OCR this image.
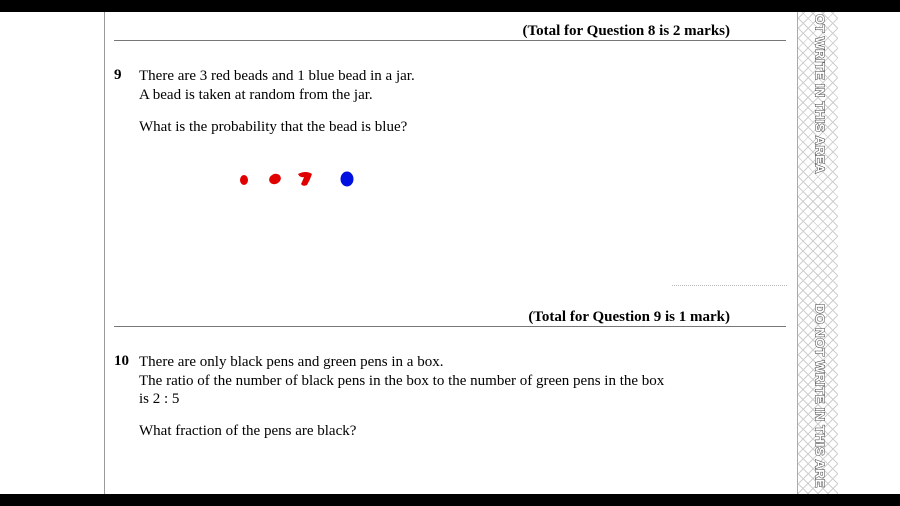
(Total for Question 8 is 2 marks)
9 There are 3 red beads and 1 blue bead in a jar.
A bead is taken at random from the jar.
What is the probability that the bead is blue?
(Total for Question 9 is 1 mark)
10 There are only black pens and green pens in a box.
The ratio of the number of black pens in the box to the number of green pens in the box
is 2 : 5
What fraction of the pens are black?
OT WRITE IN THIS AREA
DO NOT WRITE IN THIS ARE
